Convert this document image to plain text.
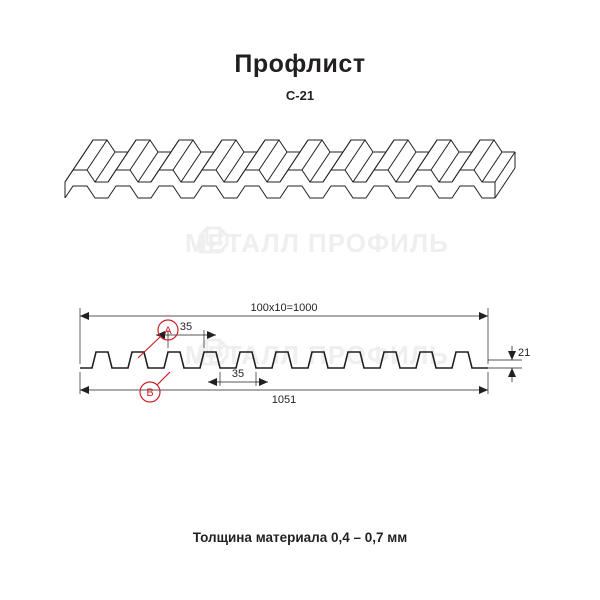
Профлист
С-21
МЕТАЛЛ ПРОФИЛЬ
МЕТАЛЛ ПРОФИЛЬ
100х10=1000
1051
35
35
21
A
B
Толщина материала 0,4 – 0,7 мм
